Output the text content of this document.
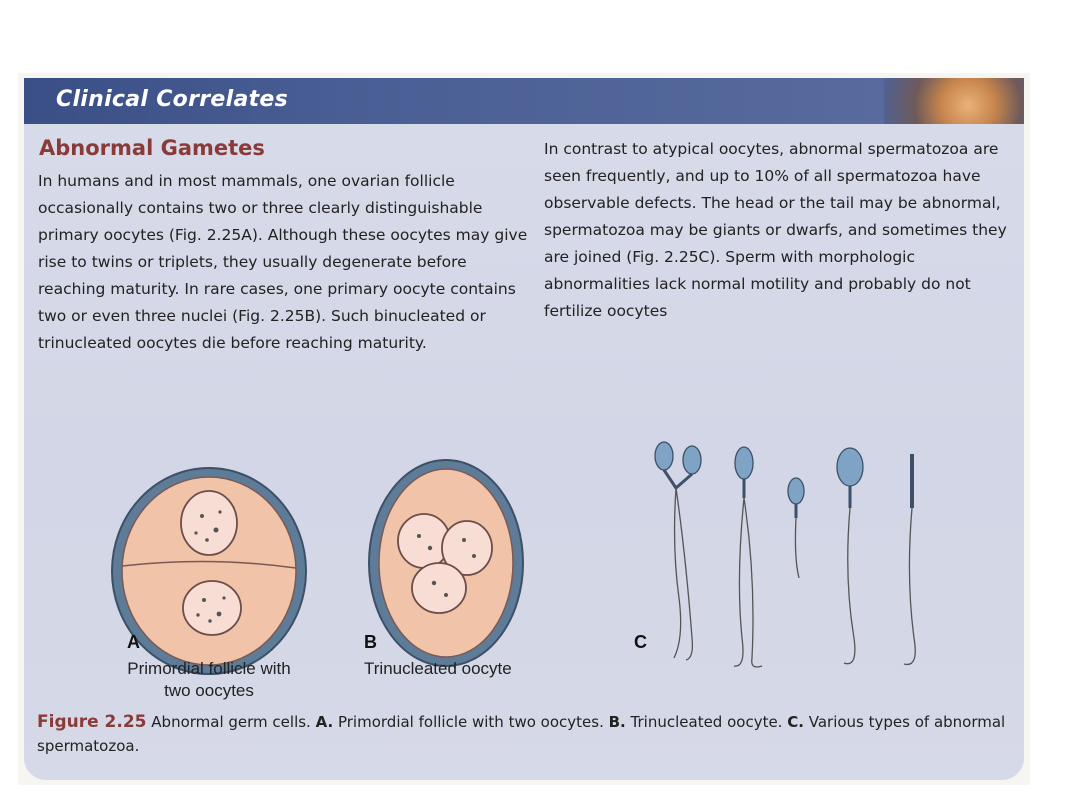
Clinical Correlates
Abnormal Gametes

In humans and in most mammals, one ovarian follicle occasionally contains two or three clearly distinguishable primary oocytes (Fig. 2.25A). Although these oocytes may give rise to twins or triplets, they usually degenerate before reaching maturity. In rare cases, one primary oocyte contains two or even three nuclei (Fig. 2.25B). Such binucleated or trinucleated oocytes die before reaching maturity.

In contrast to atypical oocytes, abnormal spermatozoa are seen frequently, and up to 10% of all spermatozoa have observable defects. The head or the tail may be abnormal, spermatozoa may be giants or dwarfs, and sometimes they are joined (Fig. 2.25C). Sperm with morphologic abnormalities lack normal motility and probably do not fertilize oocytes

A
Primordial follicle with
two oocytes
B
Trinucleated oocyte
C

Figure 2.25 Abnormal germ cells. A. Primordial follicle with two oocytes. B. Trinucleated oocyte. C. Various types of abnormal spermatozoa.
